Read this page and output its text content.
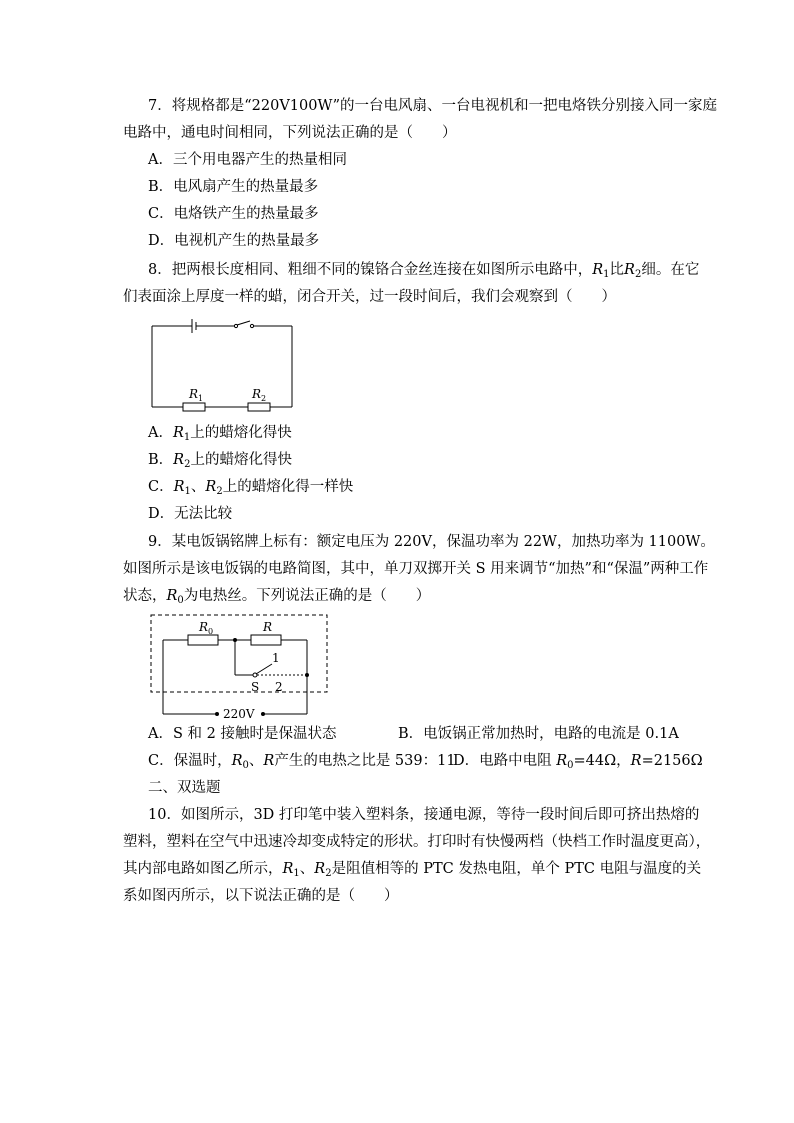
7．将规格都是“220V100W”的一台电风扇、一台电视机和一把电烙铁分别接入同一家庭
电路中，通电时间相同，下列说法正确的是（　　）
A．三个用电器产生的热量相同
B．电风扇产生的热量最多
C．电烙铁产生的热量最多
D．电视机产生的热量最多
8．把两根长度相同、粗细不同的镍铬合金丝连接在如图所示电路中，$R_1$比$R_2$细。在它
们表面涂上厚度一样的蜡，闭合开关，过一段时间后，我们会观察到（　　）
$R_1$	$R_2$
A．$R_1$上的蜡熔化得快
B．$R_2$上的蜡熔化得快
C．$R_1$、$R_2$上的蜡熔化得一样快
D．无法比较
9．某电饭锅铭牌上标有：额定电压为 220V，保温功率为 22W，加热功率为 1100W。
如图所示是该电饭锅的电路简图，其中，单刀双掷开关 S 用来调节“加热”和“保温”两种工作
状态，$R_0$为电热丝。下列说法正确的是（　　）
$R_0$	R
1
S 2
220V
A．S 和 2 接触时是保温状态	B．电饭锅正常加热时，电路的电流是 0.1A
C．保温时，$R_0$、R产生的电热之比是 539：11
D．电路中电阻 $R_0=44\Omega$，R=2156Ω
二、双选题
10．如图所示，3D 打印笔中装入塑料条，接通电源，等待一段时间后即可挤出热熔的
塑料，塑料在空气中迅速冷却变成特定的形状。打印时有快慢两档（快档工作时温度更高），
其内部电路如图乙所示，$R_1$、$R_2$是阻值相等的 PTC 发热电阻，单个 PTC 电阻与温度的关
系如图丙所示，以下说法正确的是（　　）
